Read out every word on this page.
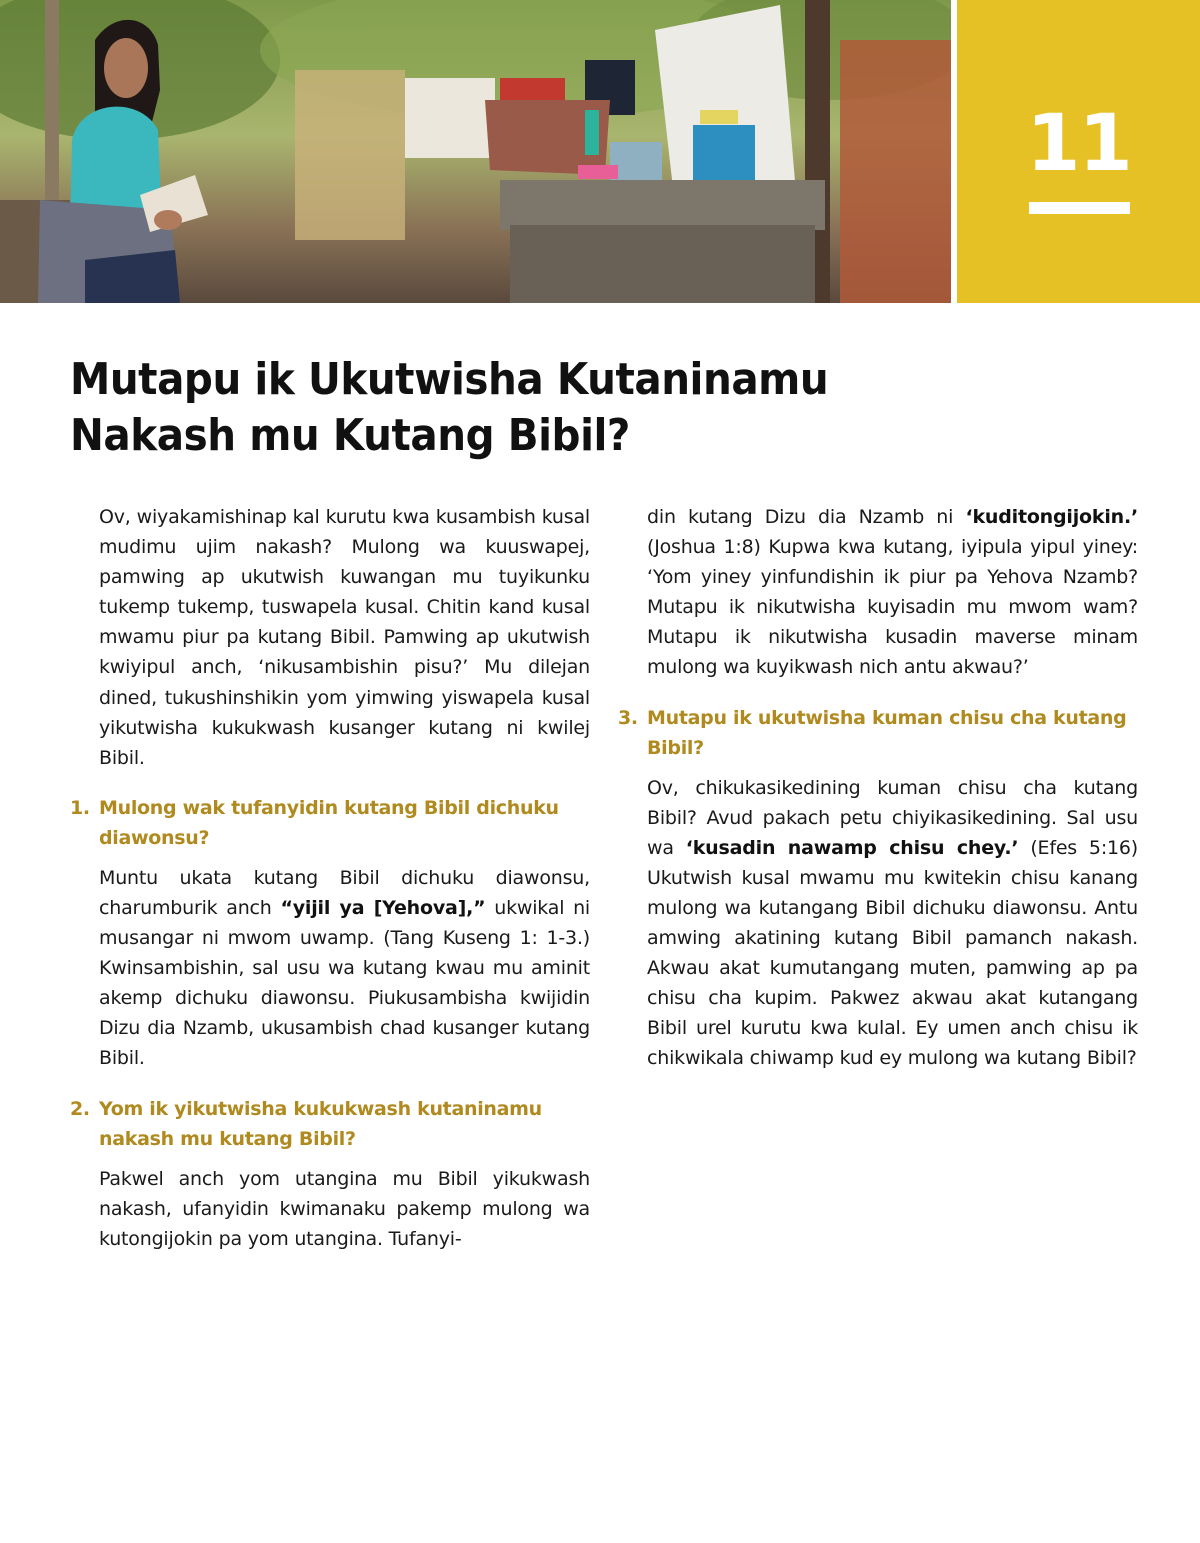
11
Mutapu ik Ukutwisha Kutaninamu Nakash mu Kutang Bibil?

Ov, wiyakamishinap kal kurutu kwa kusambish kusal mudimu ujim nakash? Mulong wa kuuswapej, pamwing ap ukutwish kuwangan mu tuyikunku tukemp tukemp, tuswapela kusal. Chitin kand kusal mwamu piur pa kutang Bibil. Pamwing ap ukutwish kwiyipul anch, ‘nikusambishin pisu?’ Mu dilejan dined, tukushinshikin yom yimwing yiswapela kusal yikutwisha kukukwash kusanger kutang ni kwilej Bibil.

1. Mulong wak tufanyidin kutang Bibil dichuku diawonsu?

Muntu ukata kutang Bibil dichuku diawonsu, charumburik anch “yijil ya [Yehova],” ukwikal ni musangar ni mwom uwamp. (Tang Kuseng 1: 1-3.) Kwinsambishin, sal usu wa kutang kwau mu aminit akemp dichuku diawonsu. Piukusambisha kwijidin Dizu dia Nzamb, ukusambish chad kusanger kutang Bibil.

2. Yom ik yikutwisha kukukwash kutaninamu nakash mu kutang Bibil?

Pakwel anch yom utangina mu Bibil yikukwash nakash, ufanyidin kwimanaku pakemp mulong wa kutongijokin pa yom utangina. Tufanyi-

din kutang Dizu dia Nzamb ni ‘kuditongijokin.’ (Joshua 1:8) Kupwa kwa kutang, iyipula yipul yiney: ‘Yom yiney yinfundishin ik piur pa Yehova Nzamb? Mutapu ik nikutwisha kuyisadin mu mwom wam? Mutapu ik nikutwisha kusadin maverse minam mulong wa kuyikwash nich antu akwau?’

3. Mutapu ik ukutwisha kuman chisu cha kutang Bibil?

Ov, chikukasikedining kuman chisu cha kutang Bibil? Avud pakach petu chiyikasikedining. Sal usu wa ‘kusadin nawamp chisu chey.’ (Efes 5:16) Ukutwish kusal mwamu mu kwitekin chisu kanang mulong wa kutangang Bibil dichuku diawonsu. Antu amwing akatining kutang Bibil pamanch nakash. Akwau akat kumutangang muten, pamwing ap pa chisu cha kupim. Pakwez akwau akat kutangang Bibil urel kurutu kwa kulal. Ey umen anch chisu ik chikwikala chiwamp kud ey mulong wa kutang Bibil?
